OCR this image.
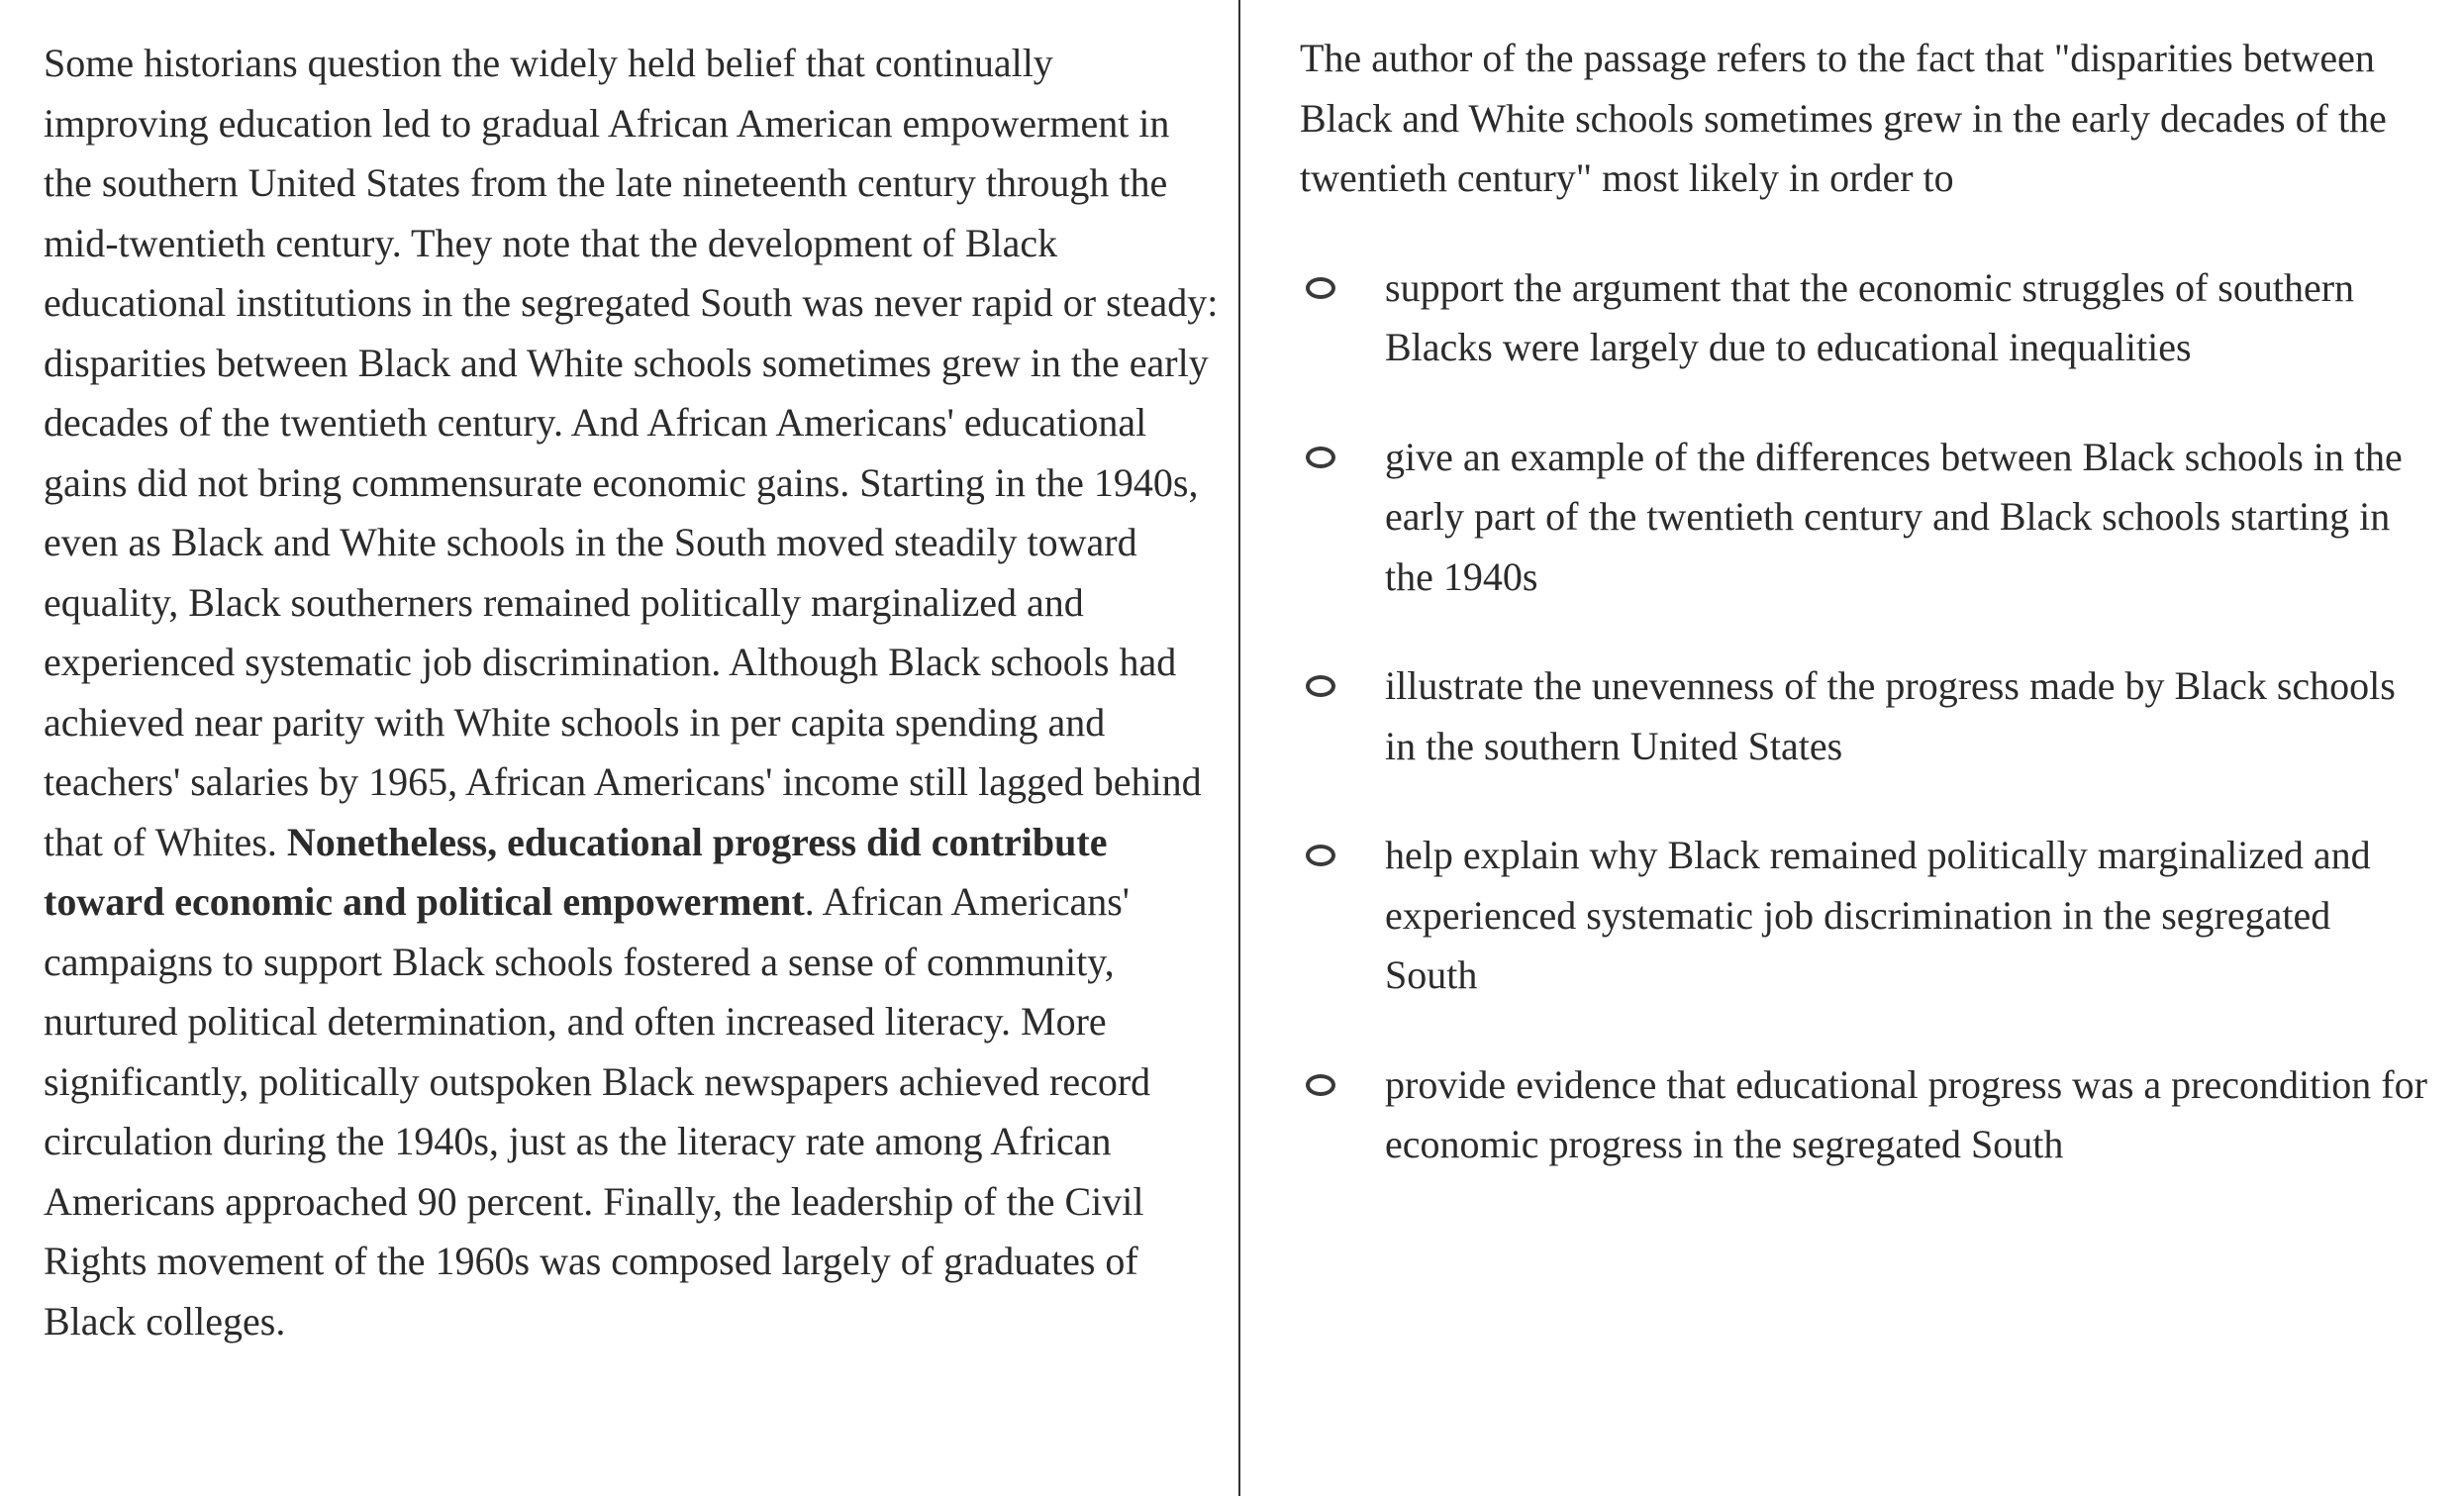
Some historians question the widely held belief that continually improving education led to gradual African American empowerment in the southern United States from the late nineteenth century through the mid-twentieth century. They note that the development of Black educational institutions in the segregated South was never rapid or steady: disparities between Black and White schools sometimes grew in the early decades of the twentieth century. And African Americans' educational gains did not bring commensurate economic gains. Starting in the 1940s, even as Black and White schools in the South moved steadily toward equality, Black southerners remained politically marginalized and experienced systematic job discrimination. Although Black schools had achieved near parity with White schools in per capita spending and teachers' salaries by 1965, African Americans' income still lagged behind that of Whites. Nonetheless, educational progress did contribute toward economic and political empowerment. African Americans' campaigns to support Black schools fostered a sense of community, nurtured political determination, and often increased literacy. More significantly, politically outspoken Black newspapers achieved record circulation during the 1940s, just as the literacy rate among African Americans approached 90 percent. Finally, the leadership of the Civil Rights movement of the 1960s was composed largely of graduates of Black colleges.

The author of the passage refers to the fact that "disparities between Black and White schools sometimes grew in the early decades of the twentieth century" most likely in order to

support the argument that the economic struggles of southern Blacks were largely due to educational inequalities
give an example of the differences between Black schools in the early part of the twentieth century and Black schools starting in the 1940s
illustrate the unevenness of the progress made by Black schools in the southern United States
help explain why Black remained politically marginalized and experienced systematic job discrimination in the segregated South
provide evidence that educational progress was a precondition for economic progress in the segregated South
